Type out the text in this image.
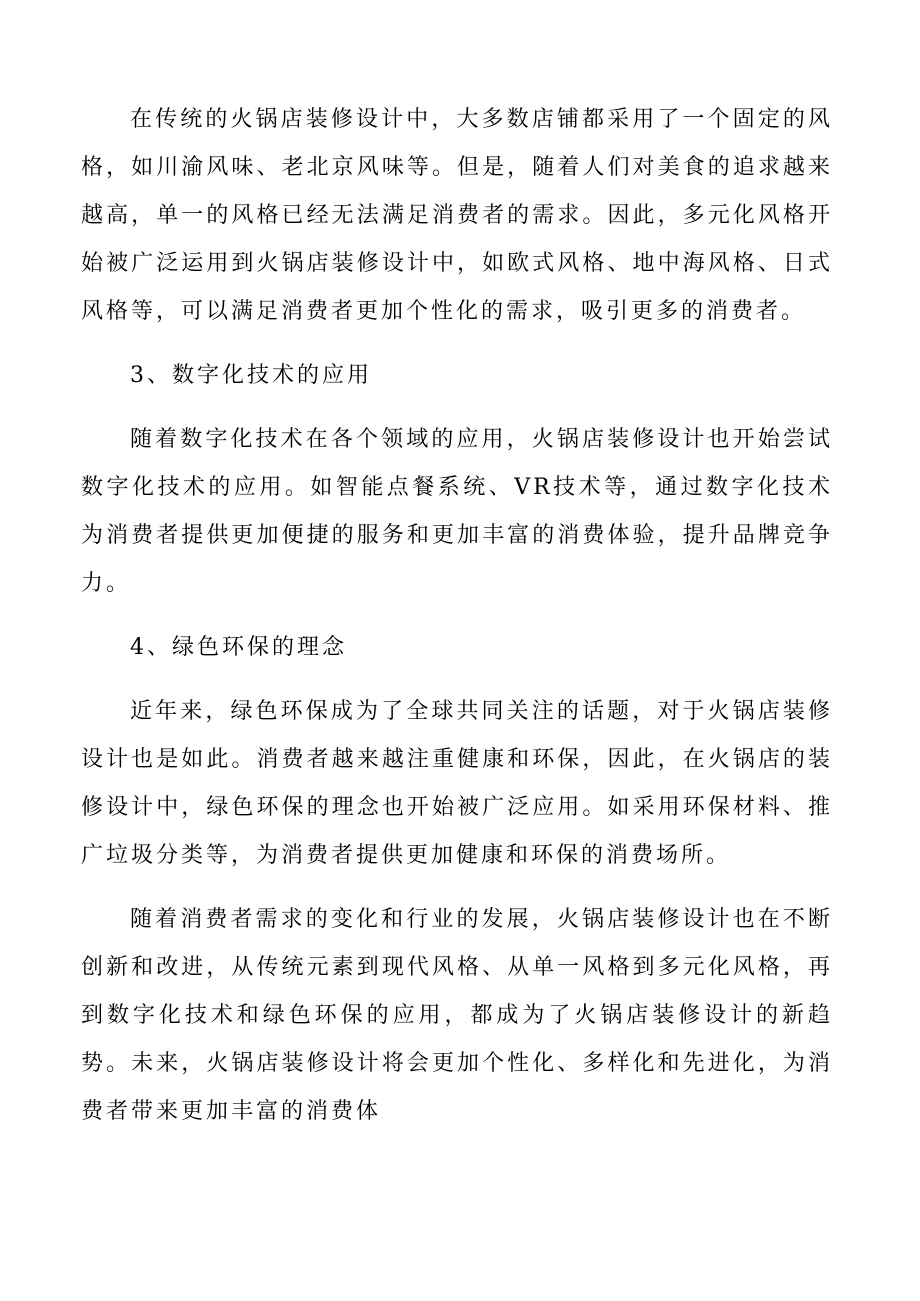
在传统的火锅店装修设计中，大多数店铺都采用了一个固定的风格，如川渝风味、老北京风味等。但是，随着人们对美食的追求越来越高，单一的风格已经无法满足消费者的需求。因此，多元化风格开始被广泛运用到火锅店装修设计中，如欧式风格、地中海风格、日式风格等，可以满足消费者更加个性化的需求，吸引更多的消费者。

3、数字化技术的应用

随着数字化技术在各个领域的应用，火锅店装修设计也开始尝试数字化技术的应用。如智能点餐系统、VR技术等，通过数字化技术为消费者提供更加便捷的服务和更加丰富的消费体验，提升品牌竞争力。

4、绿色环保的理念

近年来，绿色环保成为了全球共同关注的话题，对于火锅店装修设计也是如此。消费者越来越注重健康和环保，因此，在火锅店的装修设计中，绿色环保的理念也开始被广泛应用。如采用环保材料、推广垃圾分类等，为消费者提供更加健康和环保的消费场所。

随着消费者需求的变化和行业的发展，火锅店装修设计也在不断创新和改进，从传统元素到现代风格、从单一风格到多元化风格，再到数字化技术和绿色环保的应用，都成为了火锅店装修设计的新趋势。未来，火锅店装修设计将会更加个性化、多样化和先进化，为消费者带来更加丰富的消费体
